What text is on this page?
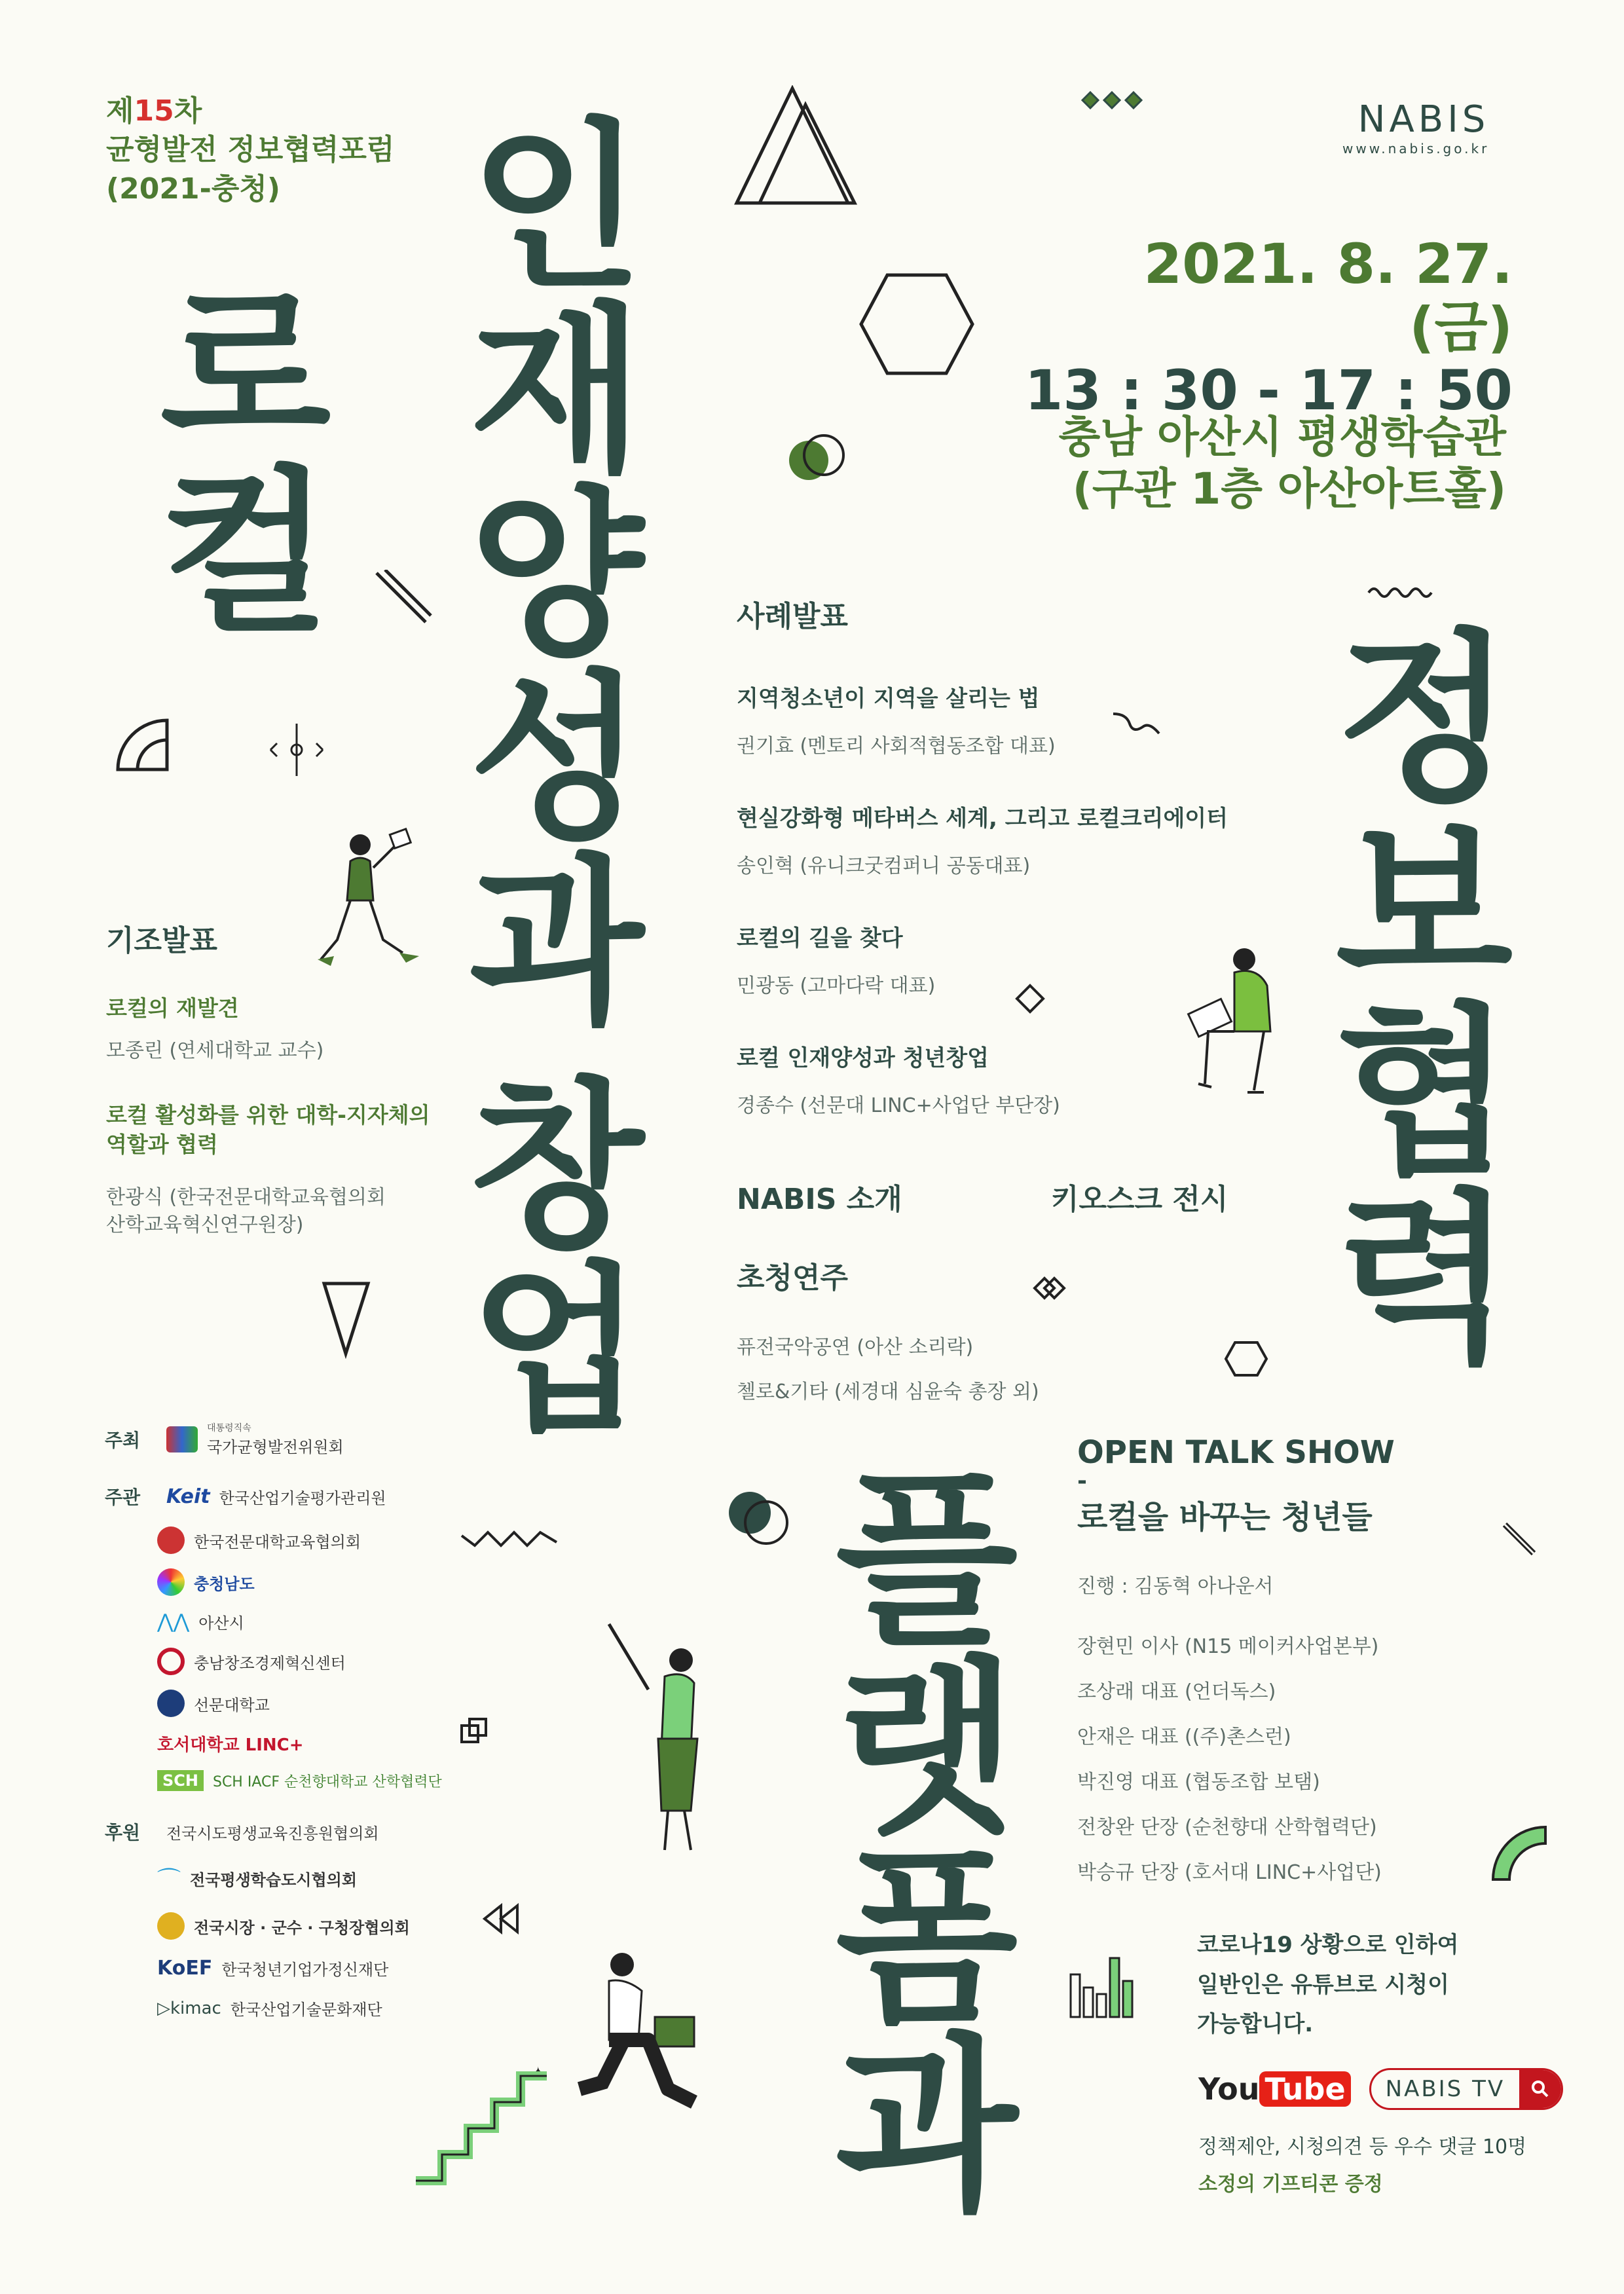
제15차
균형발전 정보협력포럼
(2021-충청)
NABIS
www.nabis.go.kr
2021. 8. 27. (금)
13 : 30 - 17 : 50
충남 아산시 평생학습관
(구관 1층 아산아트홀)
로
컬
인
재
양
성
과
창
업
정
보
협
력
플
랫
폼
과
기조발표
로컬의 재발견
모종린 (연세대학교 교수)
로컬 활성화를 위한 대학-지자체의
역할과 협력
한광식 (한국전문대학교육협의회
산학교육혁신연구원장)
사례발표
지역청소년이 지역을 살리는 법
권기효 (멘토리 사회적협동조합 대표)
현실강화형 메타버스 세계, 그리고 로컬크리에이터
송인혁 (유니크굿컴퍼니 공동대표)
로컬의 길을 찾다
민광동 (고마다락 대표)
로컬 인재양성과 청년창업
경종수 (선문대 LINC+사업단 부단장)
NABIS 소개	키오스크 전시
초청연주
퓨전국악공연 (아산 소리락)
첼로&기타 (세경대 심윤숙 총장 외)
OPEN TALK SHOW
-
로컬을 바꾸는 청년들
진행 : 김동혁 아나운서
장현민 이사 (N15 메이커사업본부)
조상래 대표 (언더독스)
안재은 대표 ((주)촌스런)
박진영 대표 (협동조합 보탬)
전창완 단장 (순천향대 산학협력단)
박승규 단장 (호서대 LINC+사업단)
✦	✦
코로나19 상황으로 인하여
일반인은 유튜브로 시청이
가능합니다.
You Tube	NABIS TV
정책제안, 시청의견 등 우수 댓글 10명
소정의 기프티콘 증정
주최
대통령직속
국가균형발전위원회
주관	Keit 한국산업기술평가관리원
한국전문대학교육협의회
충청남도
⋀⋀ 아산시
충남창조경제혁신센터
선문대학교
호서대학교 LINC+
SCH	SCH IACF 순천향대학교 산학협력단
후원	전국시도평생교육진흥원협의회
⌒ 전국평생학습도시협의회
전국시장 · 군수 · 구청장협의회
KoEF 한국청년기업가정신재단
▷kimac 한국산업기술문화재단
